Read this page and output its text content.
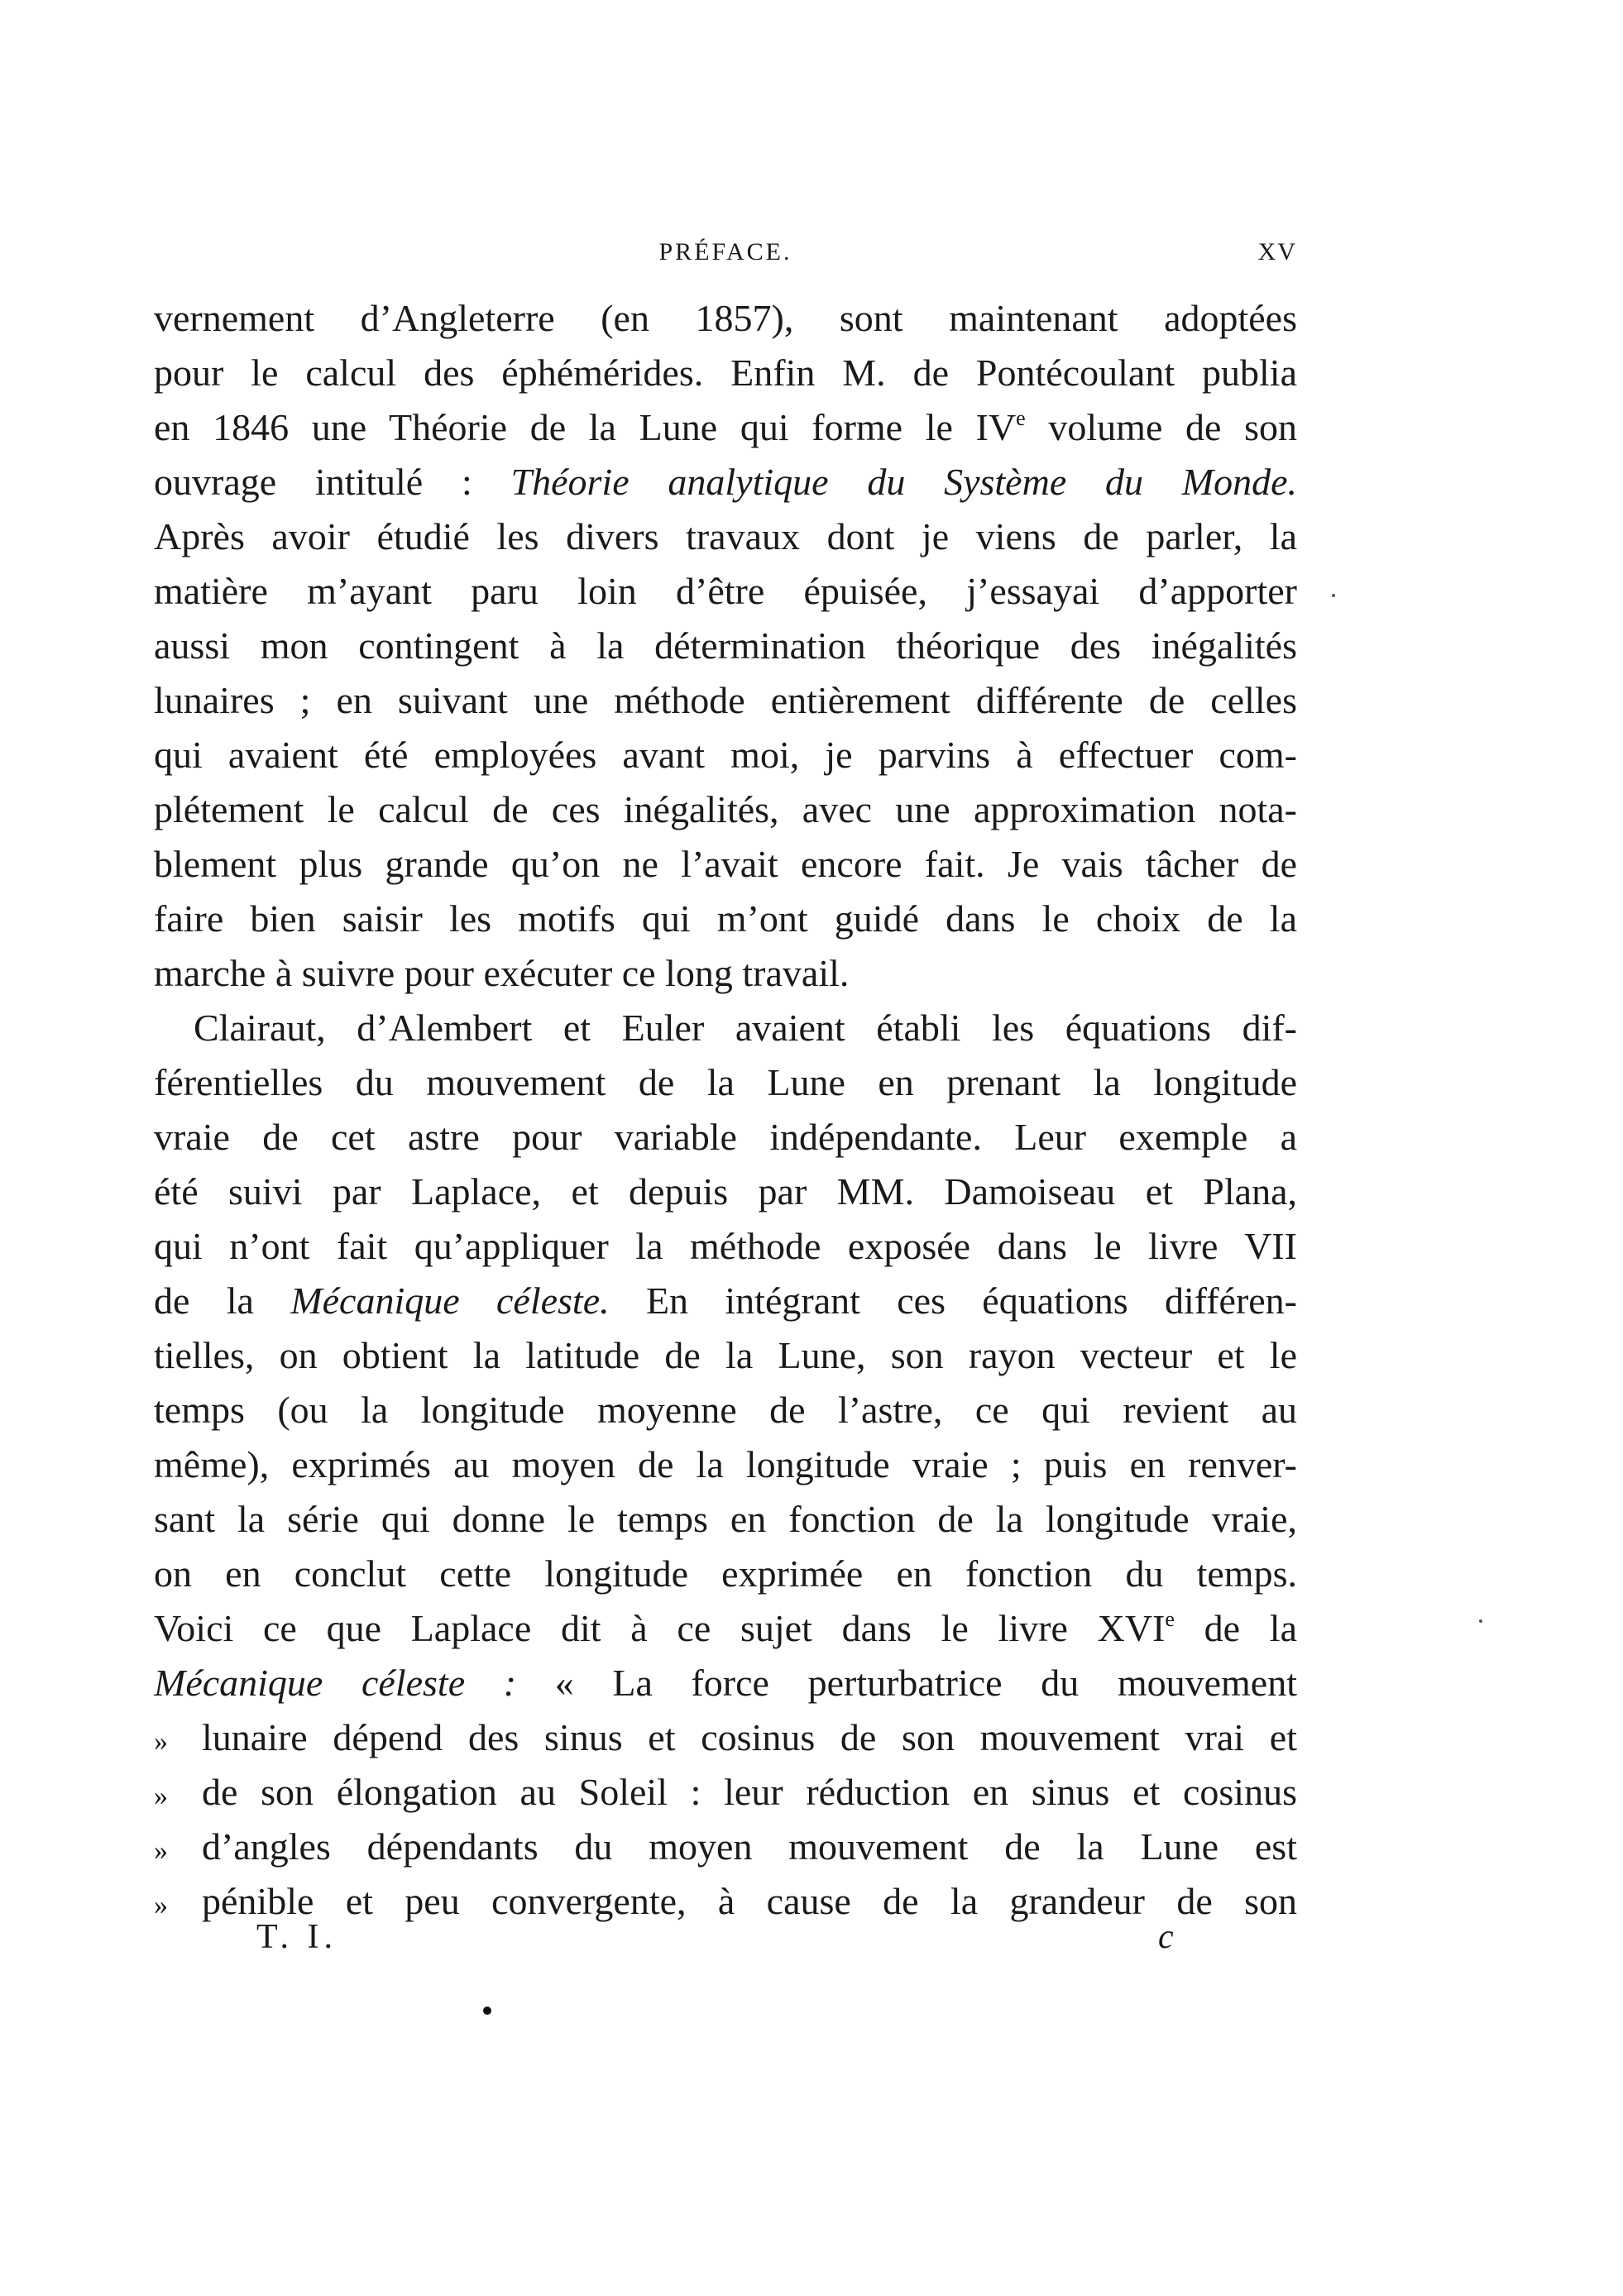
PRÉFACE.	XV
vernement d’Angleterre (en 1857), sont maintenant adoptées
pour le calcul des éphémérides. Enfin M. de Pontécoulant publia
en 1846 une Théorie de la Lune qui forme le IVe volume de son
ouvrage intitulé : Théorie analytique du Système du Monde.
Après avoir étudié les divers travaux dont je viens de parler, la
matière m’ayant paru loin d’être épuisée, j’essayai d’apporter
aussi mon contingent à la détermination théorique des inégalités
lunaires ; en suivant une méthode entièrement différente de celles
qui avaient été employées avant moi, je parvins à effectuer com-
plétement le calcul de ces inégalités, avec une approximation nota-
blement plus grande qu’on ne l’avait encore fait. Je vais tâcher de
faire bien saisir les motifs qui m’ont guidé dans le choix de la
marche à suivre pour exécuter ce long travail.
Clairaut, d’Alembert et Euler avaient établi les équations dif-
férentielles du mouvement de la Lune en prenant la longitude
vraie de cet astre pour variable indépendante. Leur exemple a
été suivi par Laplace, et depuis par MM. Damoiseau et Plana,
qui n’ont fait qu’appliquer la méthode exposée dans le livre VII
de la Mécanique céleste. En intégrant ces équations différen-
tielles, on obtient la latitude de la Lune, son rayon vecteur et le
temps (ou la longitude moyenne de l’astre, ce qui revient au
même), exprimés au moyen de la longitude vraie ; puis en renver-
sant la série qui donne le temps en fonction de la longitude vraie,
on en conclut cette longitude exprimée en fonction du temps.
Voici ce que Laplace dit à ce sujet dans le livre XVIe de la
Mécanique céleste : « La force perturbatrice du mouvement
» lunaire dépend des sinus et cosinus de son mouvement vrai et
» de son élongation au Soleil : leur réduction en sinus et cosinus
» d’angles dépendants du moyen mouvement de la Lune est
» pénible et peu convergente, à cause de la grandeur de son
T. I.	c
